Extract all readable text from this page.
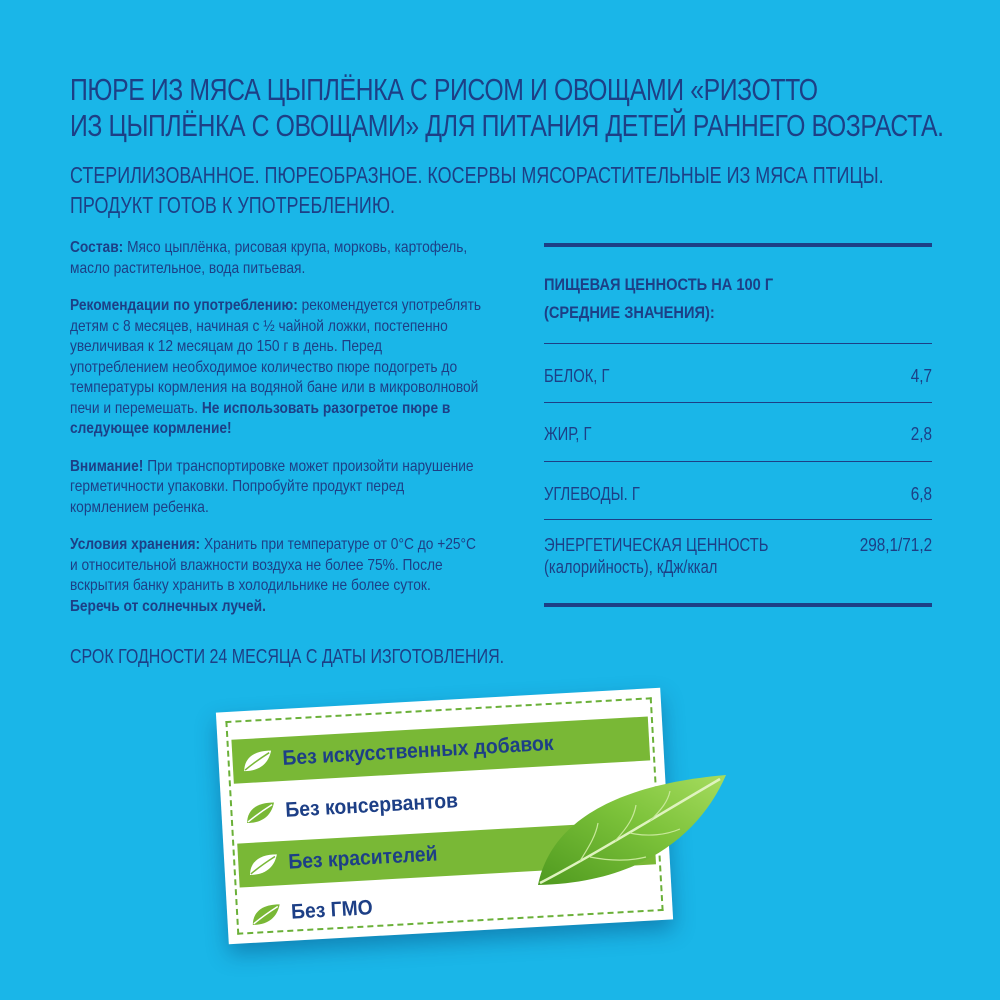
ПЮРЕ ИЗ МЯСА ЦЫПЛЁНКА С РИСОМ И ОВОЩАМИ «РИЗОТТО
ИЗ ЦЫПЛЁНКА С ОВОЩАМИ» ДЛЯ ПИТАНИЯ ДЕТЕЙ РАННЕГО ВОЗРАСТА.
СТЕРИЛИЗОВАННОЕ. ПЮРЕОБРАЗНОЕ. КОСЕРВЫ МЯСОРАСТИТЕЛЬНЫЕ ИЗ МЯСА ПТИЦЫ.
ПРОДУКТ ГОТОВ К УПОТРЕБЛЕНИЮ.
Состав: Мясо цыплёнка, рисовая крупа, морковь, картофель,
масло растительное, вода питьевая.
Рекомендации по употреблению: рекомендуется употреблять
детям с 8 месяцев, начиная с ½ чайной ложки, постепенно
увеличивая к 12 месяцам до 150 г в день. Перед
употреблением необходимое количество пюре подогреть до
температуры кормления на водяной бане или в микроволновой
печи и перемешать. Не использовать разогретое пюре в
следующее кормление!
Внимание! При транспортировке может произойти нарушение
герметичности упаковки. Попробуйте продукт перед
кормлением ребенка.
Условия хранения: Хранить при температуре от 0°С до +25°С
и относительной влажности воздуха не более 75%. После
вскрытия банку хранить в холодильнике не более суток.
Беречь от солнечных лучей.
СРОК ГОДНОСТИ 24 МЕСЯЦА С ДАТЫ ИЗГОТОВЛЕНИЯ.
ПИЩЕВАЯ ЦЕННОСТЬ НА 100 Г
(СРЕДНИЕ ЗНАЧЕНИЯ):
БЕЛОК, Г	4,7
ЖИР, Г	2,8
УГЛЕВОДЫ. Г	6,8
ЭНЕРГЕТИЧЕСКАЯ ЦЕННОСТЬ
(калорийность), кДж/ккал
298,1/71,2
Без искусственных добавок
Без консервантов
Без красителей
Без ГМО
